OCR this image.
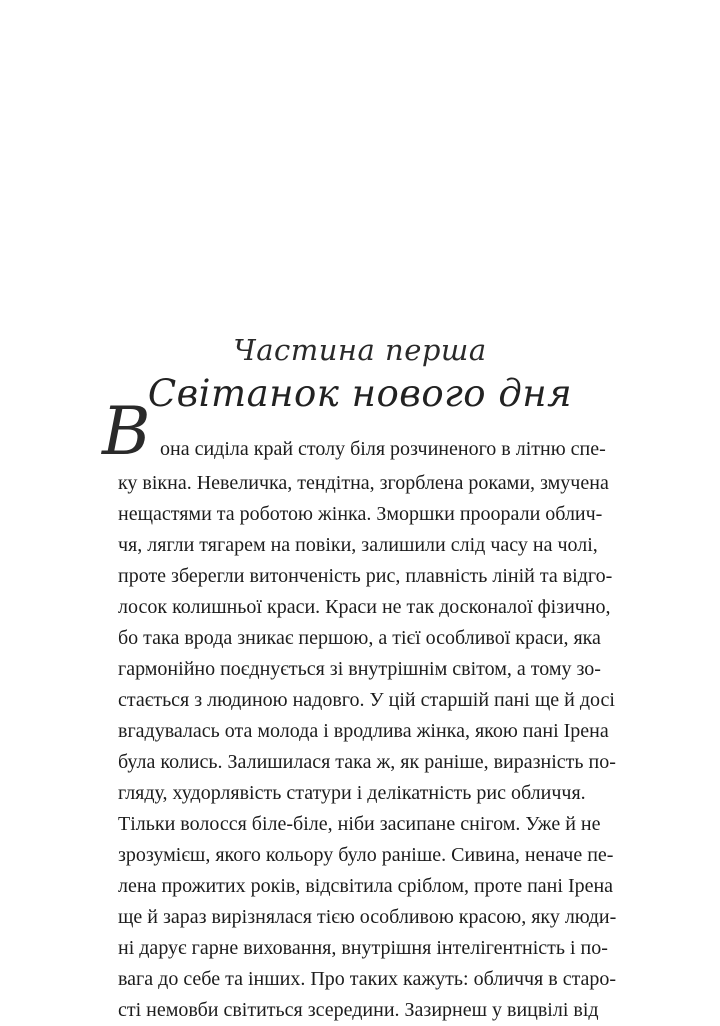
Частина перша
Світанок нового дня
В она сиділа край столу біля розчиненого в літню спе-
ку вікна. Невеличка, тендітна, згорблена роками, змучена
нещастями та роботою жінка. Зморшки проорали облич-
чя, лягли тягарем на повіки, залишили слід часу на чолі,
проте зберегли витонченість рис, плавність ліній та відго-
лосок колишньої краси. Краси не так досконалої фізично,
бо така врода зникає першою, а тієї особливої краси, яка
гармонійно поєднується зі внутрішнім світом, а тому зо-
стається з людиною надовго. У цій старшій пані ще й досі
вгадувалась ота молода і вродлива жінка, якою пані Ірена
була колись. Залишилася така ж, як раніше, виразність по-
гляду, худорлявість статури і делікатність рис обличчя.
Тільки волосся біле-біле, ніби засипане снігом. Уже й не
зрозумієш, якого кольору було раніше. Сивина, неначе пе-
лена прожитих років, відсвітила сріблом, проте пані Ірена
ще й зараз вирізнялася тією особливою красою, яку люди-
ні дарує гарне виховання, внутрішня інтелігентність і по-
вага до себе та інших. Про таких кажуть: обличчя в старо-
сті немовби світиться зсередини. Зазирнеш у вицвілі від
